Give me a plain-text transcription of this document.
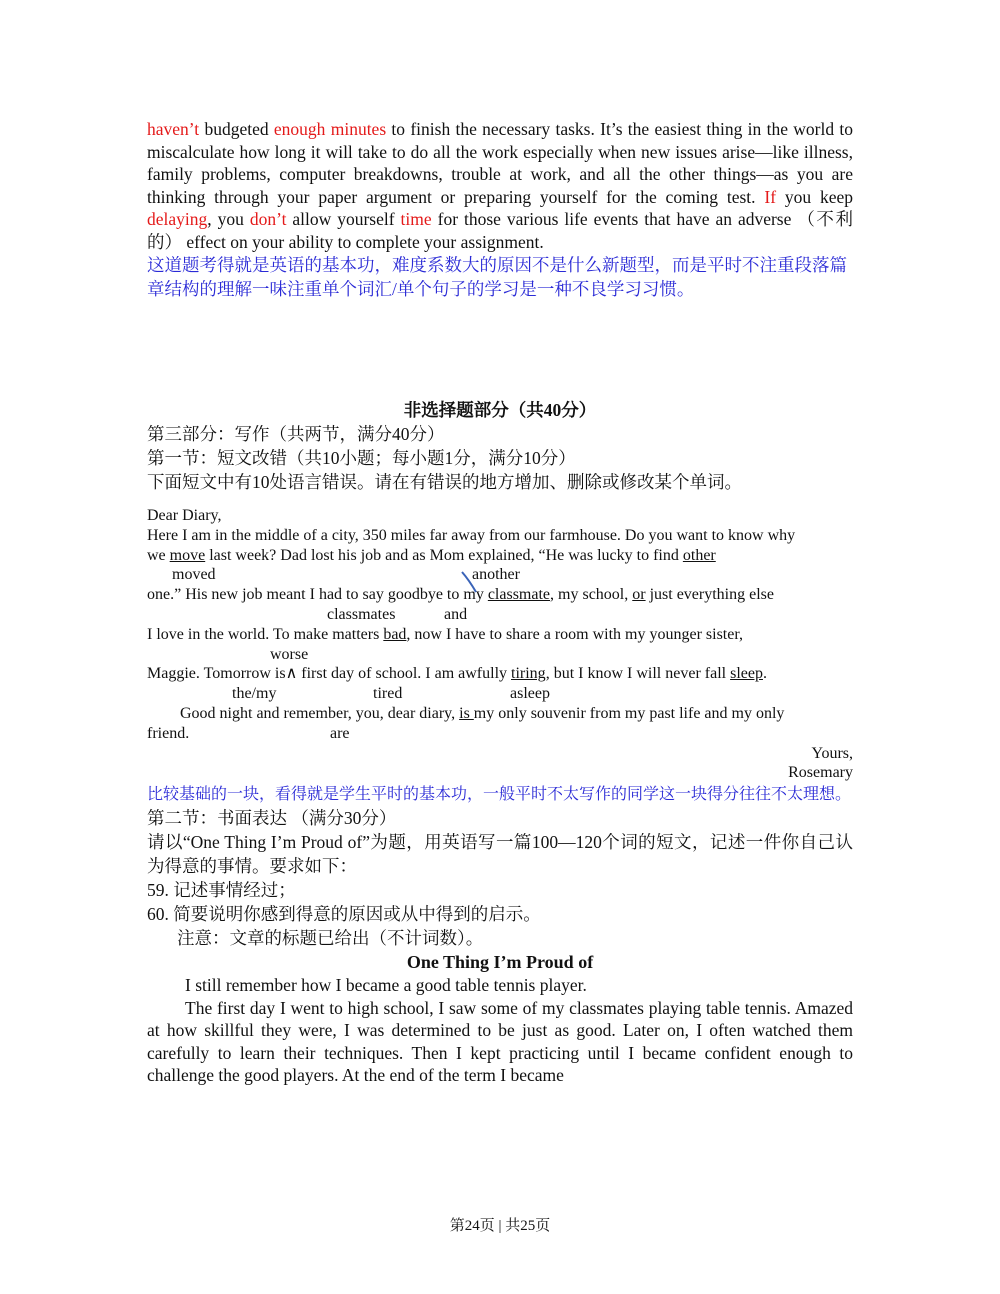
haven’t budgeted enough minutes to finish the necessary tasks. It’s the easiest thing in the world to miscalculate how long it will take to do all the work especially when new issues arise—like illness, family problems, computer breakdowns, trouble at work, and all the other things—as you are thinking through your paper argument or preparing yourself for the coming test. If you keep delaying, you don’t allow yourself time for those various life events that have an adverse （不利的） effect on your ability to complete your assignment.

这道题考得就是英语的基本功，难度系数大的原因不是什么新题型，而是平时不注重段落篇章结构的理解一味注重单个词汇/单个句子的学习是一种不良学习习惯。

非选择题部分（共40分）

第三部分：写作（共两节，满分40分）

第一节：短文改错（共10小题；每小题1分，满分10分）

下面短文中有10处语言错误。请在有错误的地方增加、删除或修改某个单词。

Dear Diary,

Here I am in the middle of a city, 350 miles far away from our farmhouse. Do you want to know why

we move last week? Dad lost his job and as Mom explained, “He was lucky to find other

moved	another

one.” His new job meant I had to say goodbye to my classmate, my school, or just everything else

classmates	and

I love in the world. To make matters bad, now I have to share a room with my younger sister,

worse

Maggie. Tomorrow is∧ first day of school. I am awfully tiring, but I know I will never fall sleep.

the/my	tired	asleep

Good night and remember, you, dear diary, is my only souvenir from my past life and my only

friend.	are

Yours,

Rosemary

比较基础的一块，看得就是学生平时的基本功，一般平时不太写作的同学这一块得分往往不太理想。

第二节：书面表达 （满分30分）

请以“One Thing I’m Proud of”为题，用英语写一篇100—120个词的短文，记述一件你自己认为得意的事情。要求如下：

59. 记述事情经过；

60. 简要说明你感到得意的原因或从中得到的启示。

注意：文章的标题已给出（不计词数）。

One Thing I’m Proud of

I still remember how I became a good table tennis player.

The first day I went to high school, I saw some of my classmates playing table tennis. Amazed at how skillful they were, I was determined to be just as good. Later on, I often watched them carefully to learn their techniques. Then I kept practicing until I became confident enough to challenge the good players. At the end of the term I became

第24页 | 共25页
